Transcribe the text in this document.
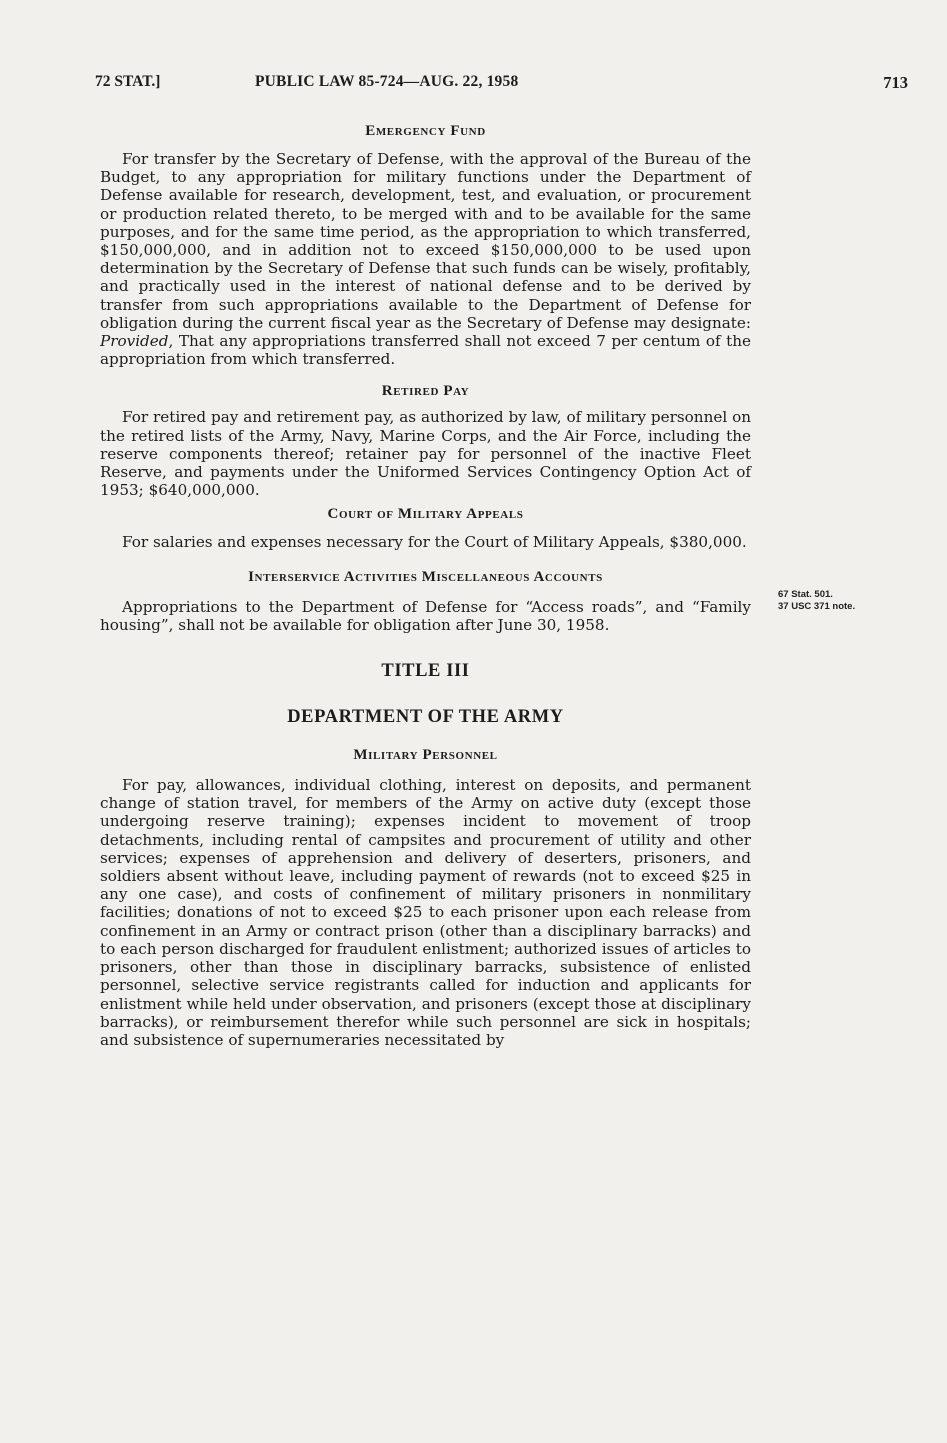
72 STAT.]	PUBLIC LAW 85-724—AUG. 22, 1958	713
67 Stat. 501.
37 USC 371 note.
Emergency Fund

For transfer by the Secretary of Defense, with the approval of the Bureau of the Budget, to any appropriation for military functions under the Department of Defense available for research, development, test, and evaluation, or procurement or production related thereto, to be merged with and to be available for the same purposes, and for the same time period, as the appropriation to which transferred, $150,000,000, and in addition not to exceed $150,000,000 to be used upon determination by the Secretary of Defense that such funds can be wisely, profitably, and practically used in the interest of national defense and to be derived by transfer from such appropriations available to the Department of Defense for obligation during the current fiscal year as the Secretary of Defense may designate: Provided, That any appropriations transferred shall not exceed 7 per centum of the appropriation from which transferred.

Retired Pay

For retired pay and retirement pay, as authorized by law, of military personnel on the retired lists of the Army, Navy, Marine Corps, and the Air Force, including the reserve components thereof; retainer pay for personnel of the inactive Fleet Reserve, and payments under the Uniformed Services Contingency Option Act of 1953; $640,000,000.

Court of Military Appeals

For salaries and expenses necessary for the Court of Military Appeals, $380,000.

Interservice Activities Miscellaneous Accounts

Appropriations to the Department of Defense for “Access roads”, and “Family housing”, shall not be available for obligation after June 30, 1958.

TITLE III
DEPARTMENT OF THE ARMY
Military Personnel

For pay, allowances, individual clothing, interest on deposits, and permanent change of station travel, for members of the Army on active duty (except those undergoing reserve training); expenses incident to movement of troop detachments, including rental of campsites and procurement of utility and other services; expenses of apprehension and delivery of deserters, prisoners, and soldiers absent without leave, including payment of rewards (not to exceed $25 in any one case), and costs of confinement of military prisoners in nonmilitary facilities; donations of not to exceed $25 to each prisoner upon each release from confinement in an Army or contract prison (other than a disciplinary barracks) and to each person discharged for fraudulent enlistment; authorized issues of articles to prisoners, other than those in disciplinary barracks, subsistence of enlisted personnel, selective service registrants called for induction and applicants for enlistment while held under observation, and prisoners (except those at disciplinary barracks), or reimbursement therefor while such personnel are sick in hospitals; and subsistence of supernumeraries necessitated by
